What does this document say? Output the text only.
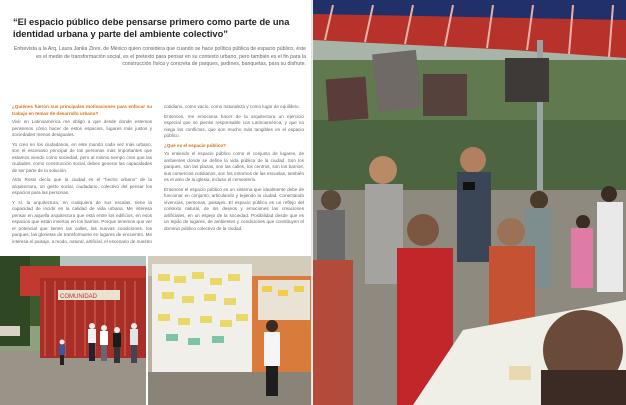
“El espacio público debe pensarse primero como parte de una identidad urbana y parte del ambiente colectivo”
Entrevista a la Arq. Laura Janka Zires, de México quien considera que cuando se hace política pública de espacio público, éste es el medio de transformación social, es el pretexto para pensar en su contexto urbano, pero también es el fin para la construcción física y concreta de parques, jardines, banquetas, para su disfrute.
¿Quiénes fueron sus principales motivaciones para enfocar su trabajo en temas de desarrollo urbano?

Vivir en Latinoamérica me obligó a que desde donde estemos pensemos cómo hacer de estos espacios, lugares más justos y sociedades menos desiguales.

Yo creo en los ciudadanos, en este mundo cada vez más urbano, son el escenario principal de las personas más importantes que estamos viendo como sociedad, pero al mismo tiempo creo que las ciudades, como construcción social, deben generar las capacidades de ser parte de la solución.

Aldo Rossi decía que la ciudad es el “hecho urbano” de la arquitectura, un gesto social, ciudadano, colectivo del pensar los espacios para las personas.

Y sí, la arquitectura, en cualquiera de sus escalas, tiene la capacidad de incidir en la calidad de vida urbana. Me interesa pensar en aquella arquitectura que está entre los edificios, en esos espacios que están insertos en los barrios. Porque tenemos que ver el potencial que tienen las calles, las nuevas condiciones, los parques, las glorietas de transformarse en lugares de encuentro. Me interesa el paisaje, a modo, natural, artificial, el escenario de nuestro

cotidiano, como vacío, como naturaleza y como lugar de equilibrio.

Entonces, me emociona hacer de la arquitectura un ejercicio especial que se piense responsable con Latinoamérica, y que no niega los conflictos, que son mucho más tangibles en el espacio público.

¿Qué es el espacio público?

Yo entiendo el espacio público como el conjunto de lugares, de ambientes donde se define la vida pública de la ciudad. Son los parques, son las plazas, son las calles, los centros, son los barrios, sus comercios cotidianos, son los entornos de las escuelas, también es el atrio de la iglesia, incluso el cementerio.

Entonces el espacio público es un sistema que idealmente debe de funcionar en conjunto, articulando y tejiendo la ciudad. Conectando vivencias, personas, paisajes. El espacio público es un reflejo del contexto natural, de los deseos y emociones las creaciones artificiales, en un espejo de la sociedad. Posibilidad desde que es un tejido de lugares, de ambientes y condiciones que constituyen el dominio público colectivo de la ciudad.

COMUNIDAD
